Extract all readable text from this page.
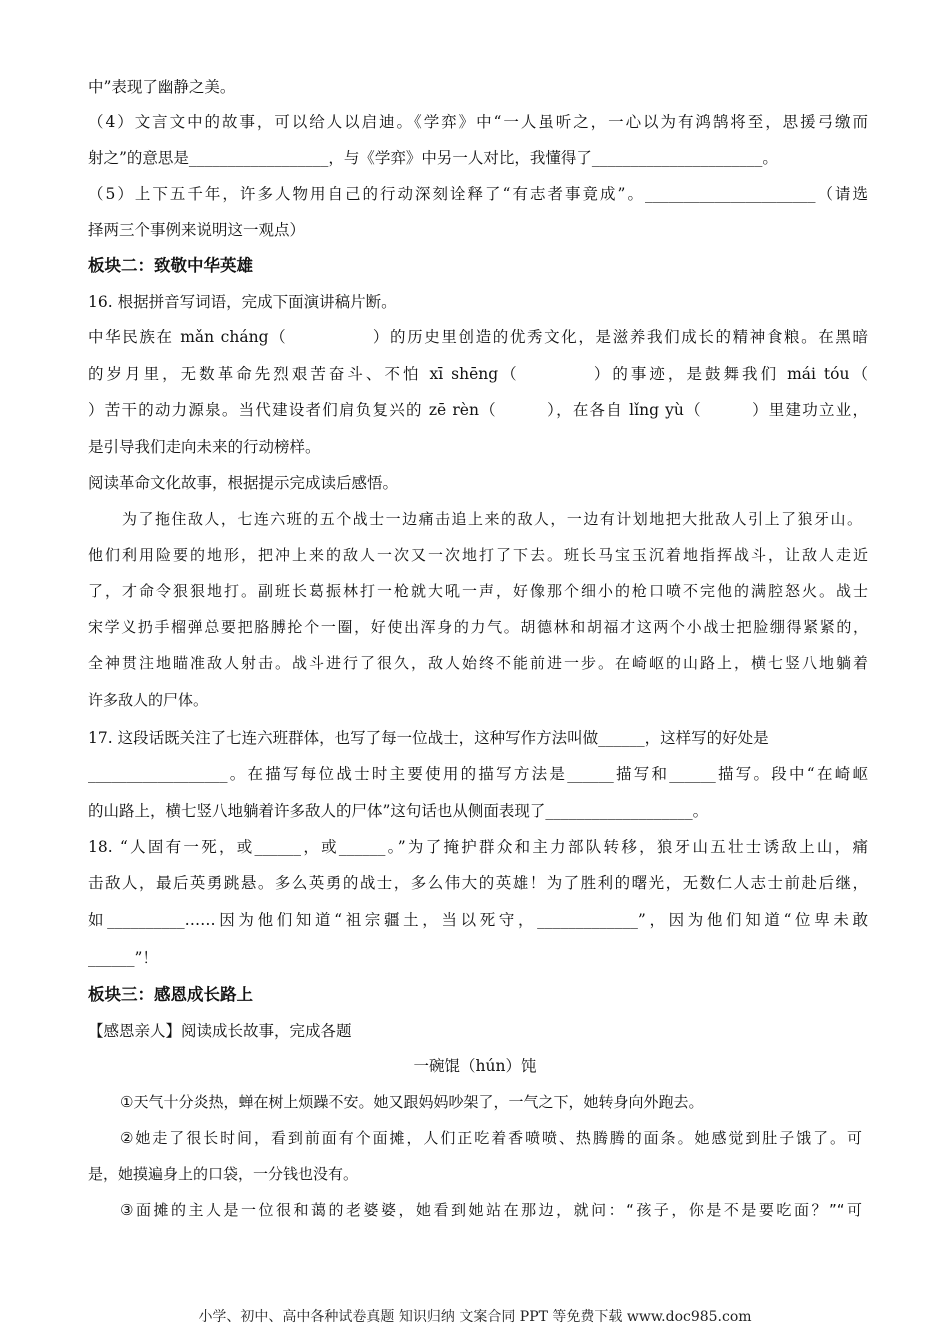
中”表现了幽静之美。
（4）文言文中的故事，可以给人以启迪。《学弈》中“一人虽听之，一心以为有鸿鹄将至，思援弓缴而
射之”的意思是__________________，与《学弈》中另一人对比，我懂得了______________________。
（5）上下五千年，许多人物用自己的行动深刻诠释了“有志者事竟成”。______________________（请选
择两三个事例来说明这一观点）
板块二：致敬中华英雄
16. 根据拼音写词语，完成下面演讲稿片断。
中华民族在 mǎn cháng（　　　　　）的历史里创造的优秀文化，是滋养我们成长的精神食粮。在黑暗
的岁月里，无数革命先烈艰苦奋斗、不怕 xī shēng（　　　　）的事迹，是鼓舞我们 mái tóu（
）苦干的动力源泉。当代建设者们肩负复兴的 zē rèn（　　　），在各自 lǐng yù（　　　）里建功立业，
是引导我们走向未来的行动榜样。
阅读革命文化故事，根据提示完成读后感悟。
为了拖住敌人，七连六班的五个战士一边痛击追上来的敌人，一边有计划地把大批敌人引上了狼牙山。
他们利用险要的地形，把冲上来的敌人一次又一次地打了下去。班长马宝玉沉着地指挥战斗，让敌人走近
了，才命令狠狠地打。副班长葛振林打一枪就大吼一声，好像那个细小的枪口喷不完他的满腔怒火。战士
宋学义扔手榴弹总要把胳膊抡个一圈，好使出浑身的力气。胡德林和胡福才这两个小战士把脸绷得紧紧的，
全神贯注地瞄准敌人射击。战斗进行了很久，敌人始终不能前进一步。在崎岖的山路上，横七竖八地躺着
许多敌人的尸体。
17. 这段话既关注了七连六班群体，也写了每一位战士，这种写作方法叫做______，这样写的好处是
__________________。在描写每位战士时主要使用的描写方法是______描写和______描写。段中“在崎岖
的山路上，横七竖八地躺着许多敌人的尸体”这句话也从侧面表现了___________________。
18. “人固有一死，或______，或______。”为了掩护群众和主力部队转移，狼牙山五壮士诱敌上山，痛
击敌人，最后英勇跳悬。多么英勇的战士，多么伟大的英雄！为了胜利的曙光，无数仁人志士前赴后继，
如__________……因为他们知道“祖宗疆土，当以死守，_____________”，因为他们知道“位卑未敢
______”！
板块三：感恩成长路上
【感恩亲人】阅读成长故事，完成各题
一碗馄（hún）饨
①天气十分炎热，蝉在树上烦躁不安。她又跟妈妈吵架了，一气之下，她转身向外跑去。
②她走了很长时间，看到前面有个面摊，人们正吃着香喷喷、热腾腾的面条。她感觉到肚子饿了。可
是，她摸遍身上的口袋，一分钱也没有。
③面摊的主人是一位很和蔼的老婆婆，她看到她站在那边，就问：“孩子，你是不是要吃面？”“可
小学、初中、高中各种试卷真题 知识归纳 文案合同 PPT 等免费下载 www.doc985.com
